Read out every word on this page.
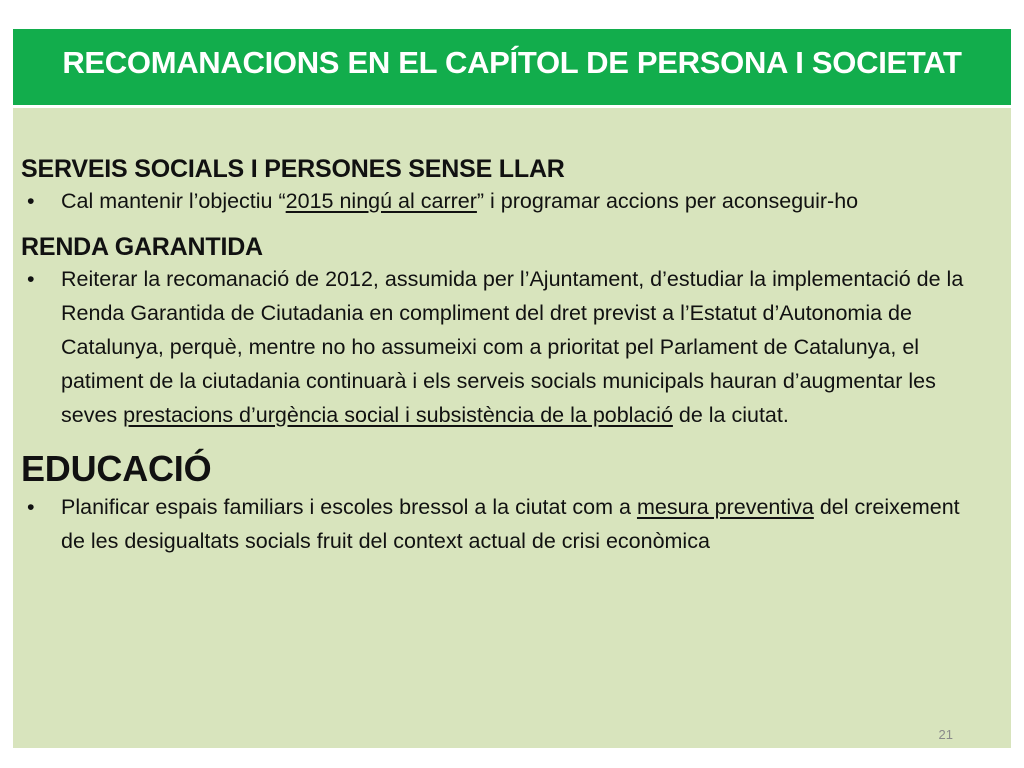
RECOMANACIONS EN EL CAPÍTOL DE PERSONA I SOCIETAT

SERVEIS SOCIALS I PERSONES SENSE LLAR

• Cal mantenir l’objectiu “2015 ningú al carrer” i programar accions per aconseguir-ho

RENDA GARANTIDA

• Reiterar la recomanació de 2012, assumida per l’Ajuntament, d’estudiar la implementació de la Renda Garantida de Ciutadania en compliment del dret previst a l’Estatut d’Autonomia de Catalunya, perquè, mentre no ho assumeixi com a prioritat pel Parlament de Catalunya, el patiment de la ciutadania continuarà i els serveis socials municipals hauran d’augmentar les seves prestacions d’urgència social i subsistència de la població de la ciutat.

EDUCACIÓ

• Planificar espais familiars i escoles bressol a la ciutat com a mesura preventiva del creixement de les desigualtats socials fruit del context actual de crisi econòmica

21
